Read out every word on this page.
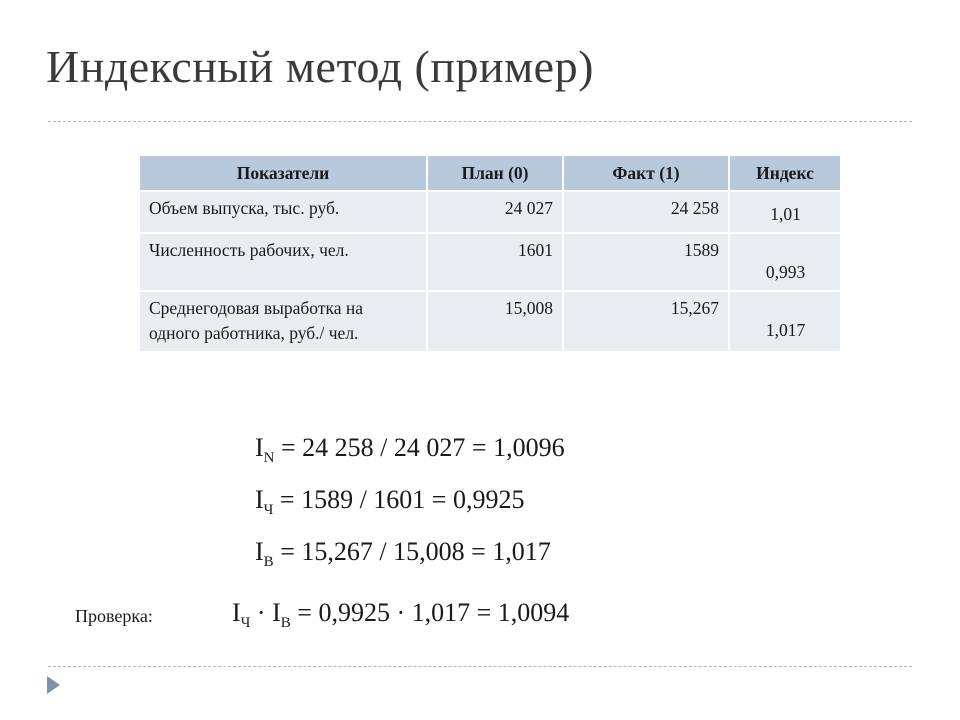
Индексный метод (пример)
Показатели	План (0)	Факт (1)	Индекс
Объем выпуска, тыс. руб.	24 027	24 258	1,01
Численность рабочих, чел.	1601	1589	0,993
Среднегодовая выработка на одного работника, руб./ чел.	15,008	15,267	1,017
$I_N = 24$ 258 / 24 027 = 1,0096
$I_Ч = 1589 / 1601 = 0,9925$
$I_В = 15,267 / 15,008 = 1,017$
Проверка:	$I_Ч \cdot I_В = 0,9925 \cdot 1,017 = 1,0094$
